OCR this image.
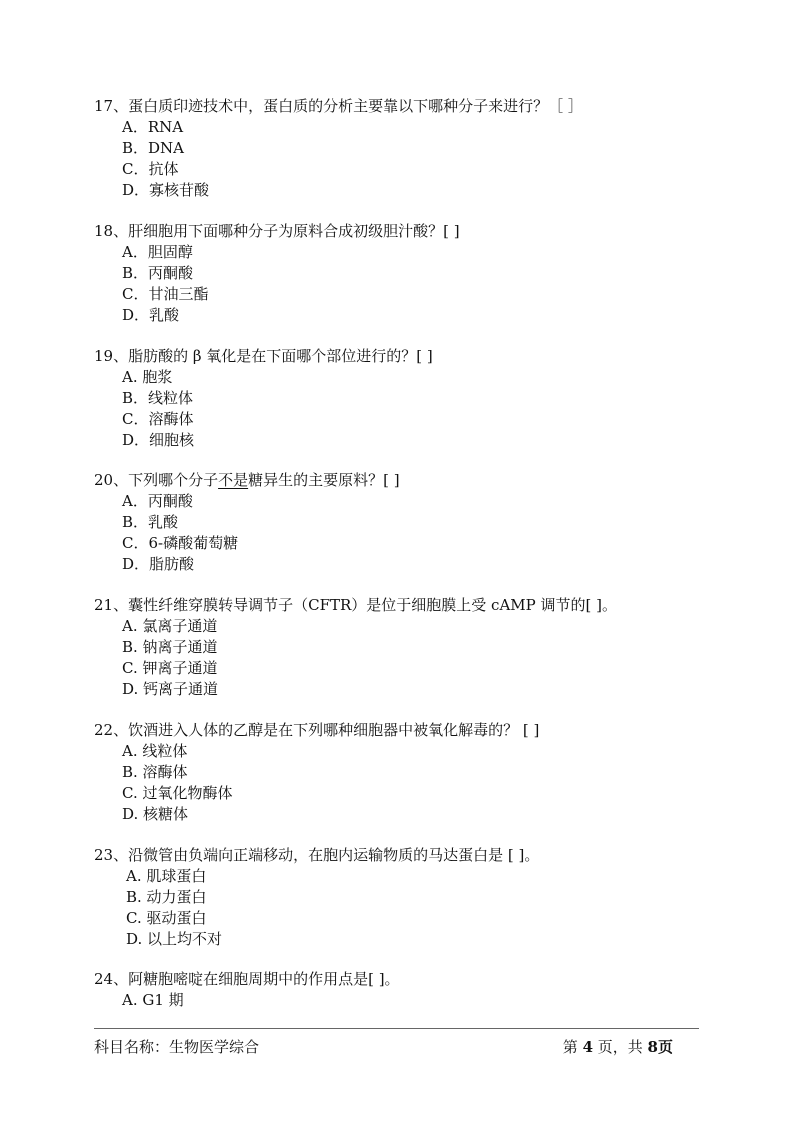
17、蛋白质印迹技术中，蛋白质的分析主要靠以下哪种分子来进行？［ ］
A．RNA
B．DNA
C．抗体
D．寡核苷酸
18、肝细胞用下面哪种分子为原料合成初级胆汁酸？[ ]
A．胆固醇
B．丙酮酸
C．甘油三酯
D．乳酸
19、脂肪酸的 β 氧化是在下面哪个部位进行的？[ ]
A. 胞浆
B．线粒体
C．溶酶体
D．细胞核
20、下列哪个分子不是糖异生的主要原料？[ ]
A．丙酮酸
B．乳酸
C．6-磷酸葡萄糖
D．脂肪酸
21、囊性纤维穿膜转导调节子（CFTR）是位于细胞膜上受 cAMP 调节的[ ]。
A. 氯离子通道
B. 钠离子通道
C. 钾离子通道
D. 钙离子通道
22、饮酒进入人体的乙醇是在下列哪种细胞器中被氧化解毒的？ [ ]
A. 线粒体
B. 溶酶体
C. 过氧化物酶体
D. 核糖体
23、沿微管由负端向正端移动，在胞内运输物质的马达蛋白是 [ ]。
A. 肌球蛋白
B. 动力蛋白
C. 驱动蛋白
D. 以上均不对
24、阿糖胞嘧啶在细胞周期中的作用点是[ ]。
A. G1 期
科目名称：生物医学综合	第 4 页，共 8页
